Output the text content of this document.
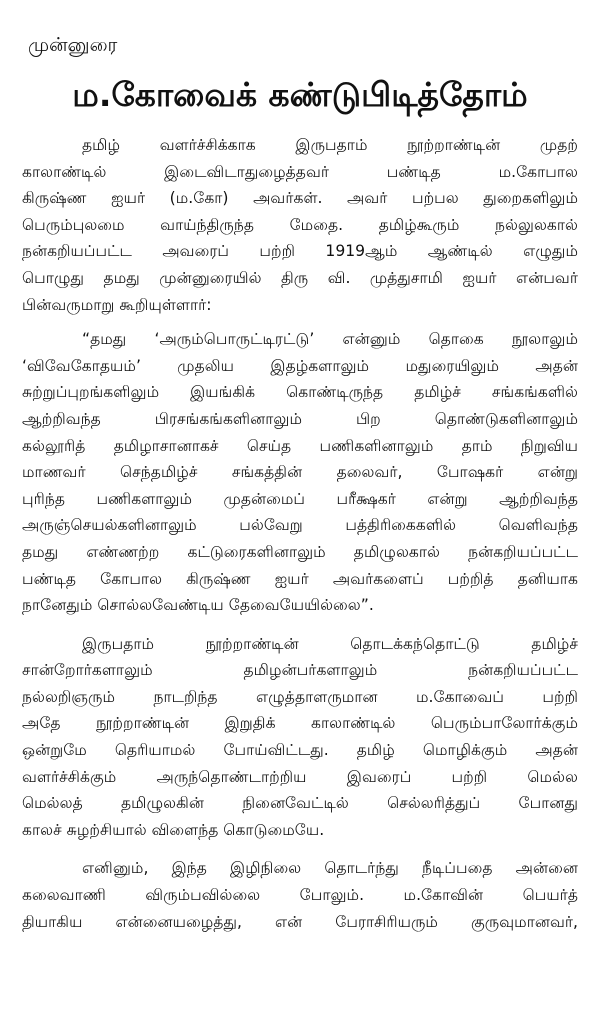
முன்னுரை
ம.கோவைக் கண்டுபிடித்தோம்
தமிழ் வளர்ச்சிக்காக இருபதாம் நூற்றாண்டின் முதற்
காலாண்டில் இடைவிடாதுழைத்தவர் பண்டித ம.கோபால
கிருஷ்ண ஐயர் (ம.கோ) அவர்கள். அவர் பற்பல துறைகளிலும்
பெரும்புலமை வாய்ந்திருந்த மேதை. தமிழ்கூரும் நல்லுலகால்
நன்கறியப்பட்ட அவரைப் பற்றி 1919ஆம் ஆண்டில் எழுதும்
பொழுது தமது முன்னுரையில் திரு வி. முத்துசாமி ஐயர் என்பவர்
பின்வருமாறு கூறியுள்ளார்:
“தமது ‘அரும்பொருட்டிரட்டு’ என்னும் தொகை நூலாலும்
‘விவேகோதயம்’ முதலிய இதழ்களாலும் மதுரையிலும் அதன்
சுற்றுப்புறங்களிலும் இயங்கிக் கொண்டிருந்த தமிழ்ச் சங்கங்களில்
ஆற்றிவந்த பிரசங்கங்களினாலும் பிற தொண்டுகளினாலும்
கல்லூரித் தமிழாசானாகச் செய்த பணிகளினாலும் தாம் நிறுவிய
மாணவர் செந்தமிழ்ச் சங்கத்தின் தலைவர், போஷகர் என்று
புரிந்த பணிகளாலும் முதன்மைப் பரீக்ஷகர் என்று ஆற்றிவந்த
அருஞ்செயல்களினாலும் பல்வேறு பத்திரிகைகளில் வெளிவந்த
தமது எண்ணற்ற கட்டுரைகளினாலும் தமிழுலகால் நன்கறியப்பட்ட
பண்டித கோபால கிருஷ்ண ஐயர் அவர்களைப் பற்றித் தனியாக
நானேதும் சொல்லவேண்டிய தேவையேயில்லை”.
இருபதாம் நூற்றாண்டின் தொடக்கந்தொட்டு தமிழ்ச்
சான்றோர்களாலும் தமிழன்பர்களாலும் நன்கறியப்பட்ட
நல்லறிஞரும் நாடறிந்த எழுத்தாளருமான ம.கோவைப் பற்றி
அதே நூற்றாண்டின் இறுதிக் காலாண்டில் பெரும்பாலோர்க்கும்
ஒன்றுமே தெரியாமல் போய்விட்டது. தமிழ் மொழிக்கும் அதன்
வளர்ச்சிக்கும் அருந்தொண்டாற்றிய இவரைப் பற்றி மெல்ல
மெல்லத் தமிழுலகின் நினைவேட்டில் செல்லரித்துப் போனது
காலச் சுழற்சியால் விளைந்த கொடுமையே.
எனினும், இந்த இழிநிலை தொடர்ந்து நீடிப்பதை அன்னை
கலைவாணி விரும்பவில்லை போலும். ம.கோவின் பெயர்த்
தியாகிய என்னையழைத்து, என் பேராசிரியரும் குருவுமானவர்,
